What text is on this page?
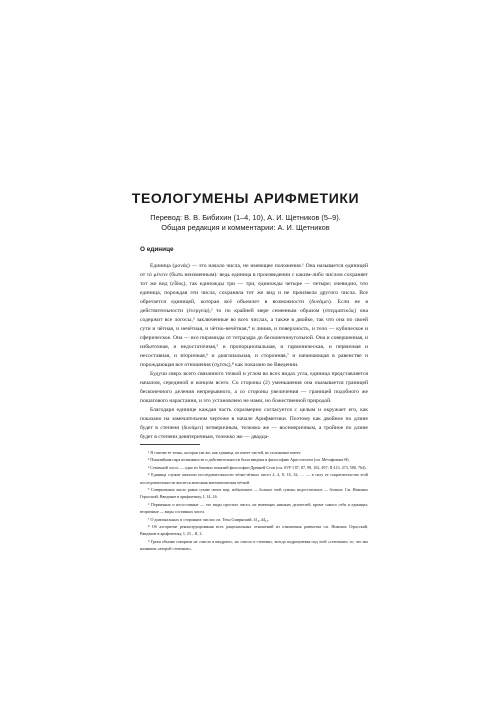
ТЕОЛОГУМЕНЫ АРИФМЕТИКИ
Перевод: В. В. Бибихин (1–4, 10), А. И. Щетников (5–9).
Общая редакция и комментарии: А. И. Щетников
О единице

Единица (μονάς) — это начало числа, не имеющее положения.¹ Она называется единицей от τὸ μένειν (быть неизменным): ведь единица в произведении с каким-либо числом сохраняет тот же вид (εἶδος), так единожды три — три, единожды четыре — четыре; очевидно, что единица, порождая эти числа, сохраняла тот же вид и не произвела другого числа. Все обретается единицей, которая всё объемлет в возможности (δυνάμει). Если не в действительности (ἐνεργείᾳ),² то по крайней мере семенным образом (σπερματικῶς) она содержит все логосы,³ заключенные во всех числах, а также в двойке, так что она по своей сути и чётная, и нечётная, и чётно-нечётная,⁴ и линия, и поверхность, и тело — кубическое и сферическое. Она — все пирамиды от тетраэдра до бесконечноугольной. Она и совершенная, и избыточная, и недостаточная,⁵ и пропорциональная, и гармоническая, и первичная и несоставная, и вторичная,⁶ и диагональная, и сторонняя,⁷ и начинающая в равенстве и порождающая все отношения (σχέσις),⁸ как показано во Введении.

Будучи сверх всего связанного точкой и углом во всех видах угла, единица представляется началом, серединой и концом всего. Со стороны (2) уменьшения она оказывается границей бесконечного деления непрерывного, а со стороны увеличения — границей подобного же пошагового нарастания, и это установлено не нами, но божественной природой.

Благодаря единице каждая часть соразмерно согласуется с целым и окружает его, как показано на замечательном чертеже в начале Арифметики. Поэтому как двойное по длине будет в степени (δυνάμει) четверичным, тележко же — восемеричным, а тройное по длине будет в степени девятеричным, тележко же — двадца-

¹ Я считаю ее точно, которая так же, как единица, не имеет частей, но положение имеет.

² Понятийная пара возможности и действительности была введена в философию Аристотелем (см. Метафизика Θ).

³ Семенной логос — одно из базовых понятий философии Древней Стои (см. SVF I 87, 87, 98, 102, 497; II 413, 473, 580, 764).

⁴ Единица служит началом последовательности чётно-чётных чисел 2, 4, 8, 16, 32, … — в силу ее сократительства этой последовательности высится античная математическая чётной.

⁵ Совершенное число равно сумме своих мер, избыточное — больше этой суммы, недостаточное — больше. См. Никомах Герасский, Введение в арифметику, I, 14–16.

⁶ Первичные и несоставные — это виды простых чисел, не имеющих никаких делителей, кроме самого себя и единицы; вторичные — виды составных чисел.

⁷ О диагональных и сторонних числах см. Теон Смирнский, 41₄–44₁₈.

⁸ Об алгоритме реконструирования всех рациональных отношений из отношения равенства см. Никомах Герасский, Введение в арифметику, I, 23 – II, 2.

⁹ Греки обычно говорили не «число в квадрате», но «число в степени», всегда подразумевая под этой «степенью» то, что мы называем «второй степенью».
